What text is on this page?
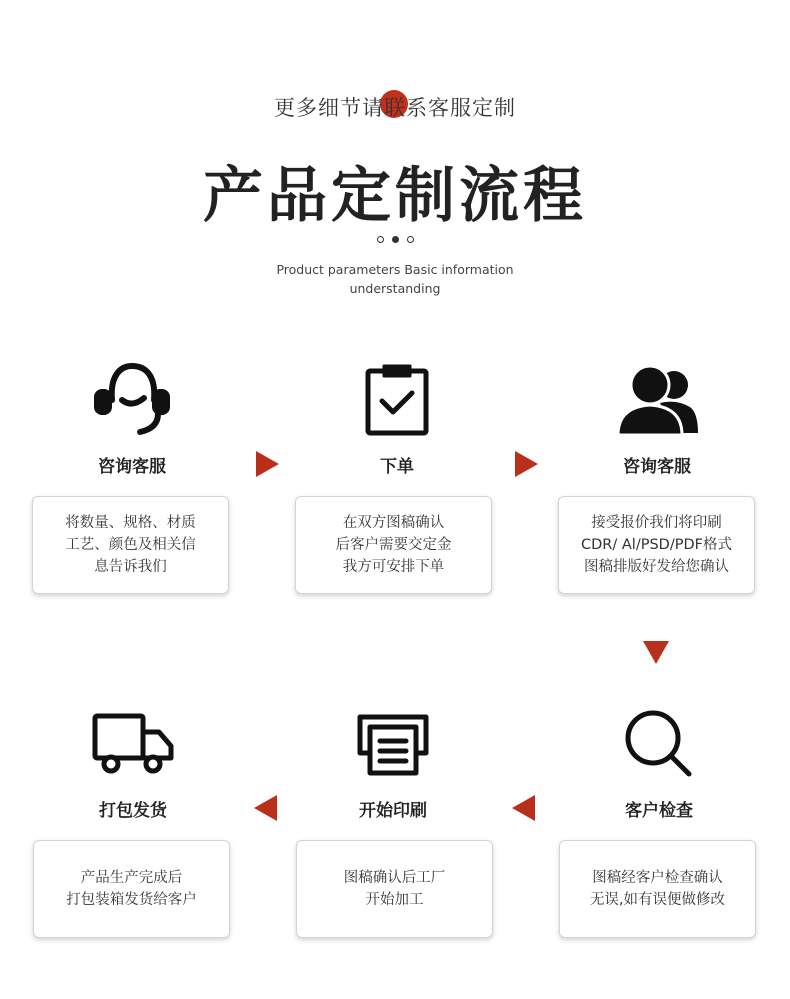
更多细节请联系客服定制
产品定制流程
Product parameters Basic information
understanding
咨询客服	下单	咨询客服
将数量、规格、材质
工艺、颜色及相关信
息告诉我们
在双方图稿确认
后客户需要交定金
我方可安排下单
接受报价我们将印刷
CDR/ Al/PSD/PDF格式
图稿排版好发给您确认
打包发货	开始印刷	客户检查
产品生产完成后
打包装箱发货给客户
图稿确认后工厂
开始加工
图稿经客户检查确认
无误,如有误便做修改
